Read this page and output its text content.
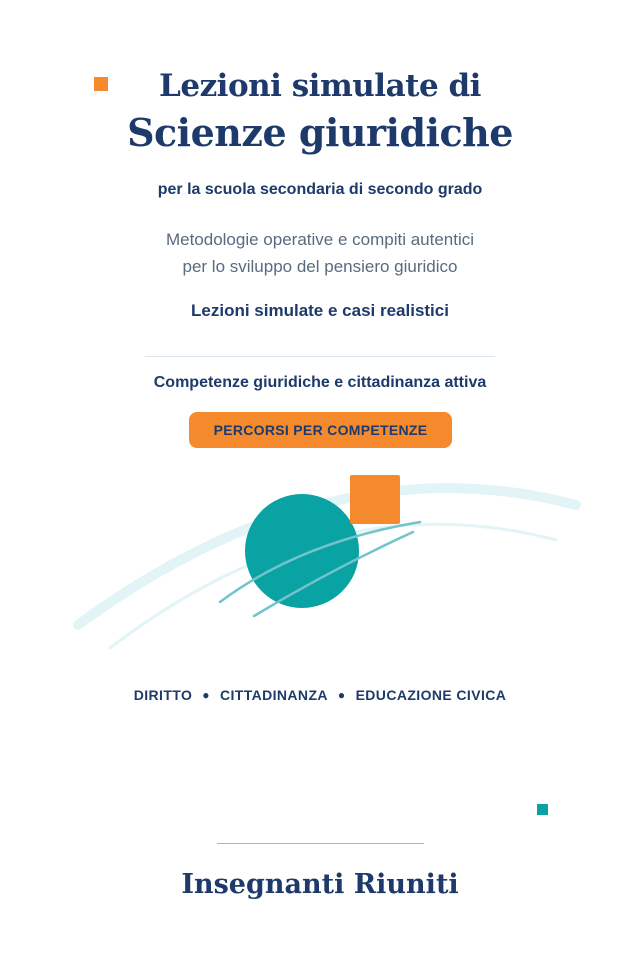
Lezioni simulate di
Scienze giuridiche
per la scuola secondaria di secondo grado
Metodologie operative e compiti autentici
per lo sviluppo del pensiero giuridico
Lezioni simulate e casi realistici
Competenze giuridiche e cittadinanza attiva
PERCORSI PER COMPETENZE
DIRITTO ● CITTADINANZA ● EDUCAZIONE CIVICA
Insegnanti Riuniti
